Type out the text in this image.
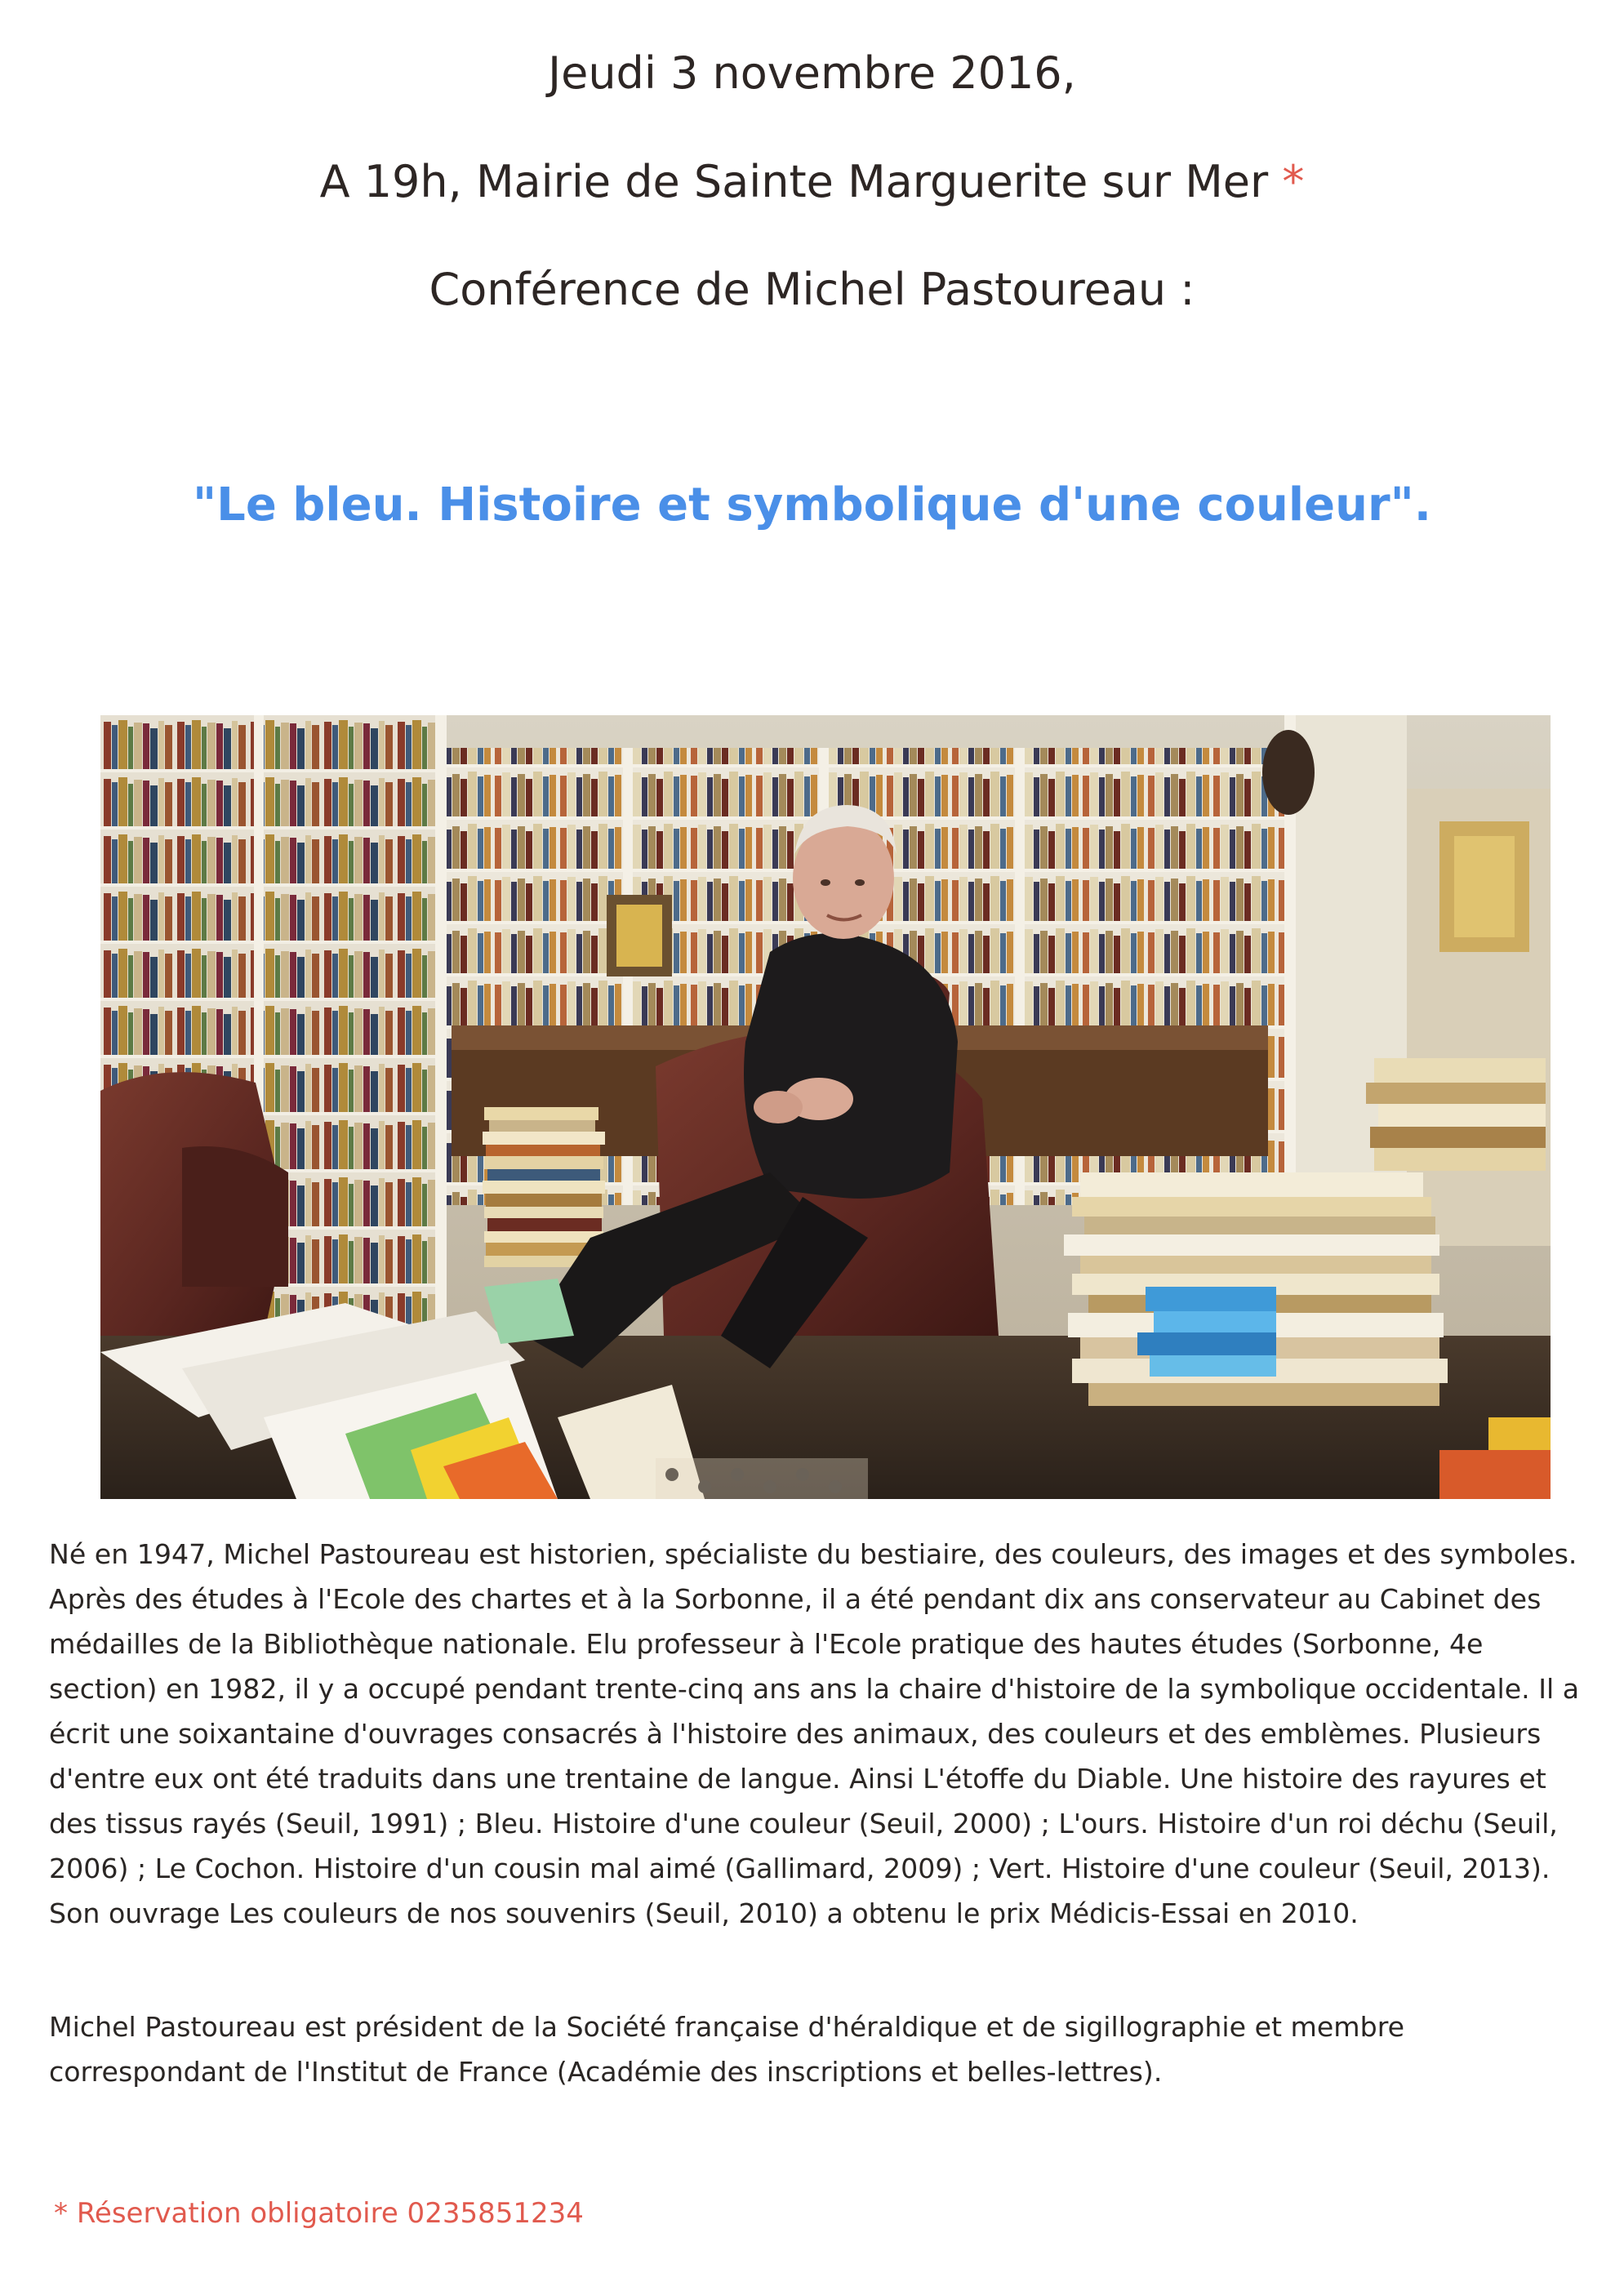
Jeudi 3 novembre 2016,
A 19h, Mairie de Sainte Marguerite sur Mer *
Conférence de Michel Pastoureau :
"Le bleu. Histoire et symbolique d'une couleur".

Né en 1947, Michel Pastoureau est historien, spécialiste du bestiaire, des couleurs, des images et des symboles. Après des études à l'Ecole des chartes et à la Sorbonne, il a été pendant dix ans conservateur au Cabinet des médailles de la Bibliothèque nationale. Elu professeur à l'Ecole pratique des hautes études (Sorbonne, 4e section) en 1982, il y a occupé pendant trente-cinq ans ans la chaire d'histoire de la symbolique occidentale. Il a écrit une soixantaine d'ouvrages consacrés à l'histoire des animaux, des couleurs et des emblèmes. Plusieurs d'entre eux ont été traduits dans une trentaine de langue. Ainsi L'étoffe du Diable. Une histoire des rayures et des tissus rayés (Seuil, 1991) ; Bleu. Histoire d'une couleur (Seuil, 2000) ; L'ours. Histoire d'un roi déchu (Seuil, 2006) ; Le Cochon. Histoire d'un cousin mal aimé (Gallimard, 2009) ; Vert. Histoire d'une couleur (Seuil, 2013). Son ouvrage Les couleurs de nos souvenirs (Seuil, 2010) a obtenu le prix Médicis-Essai en 2010.

Michel Pastoureau est président de la Société française d'héraldique et de sigillographie et membre correspondant de l'Institut de France (Académie des inscriptions et belles-lettres).

* Réservation obligatoire 0235851234
